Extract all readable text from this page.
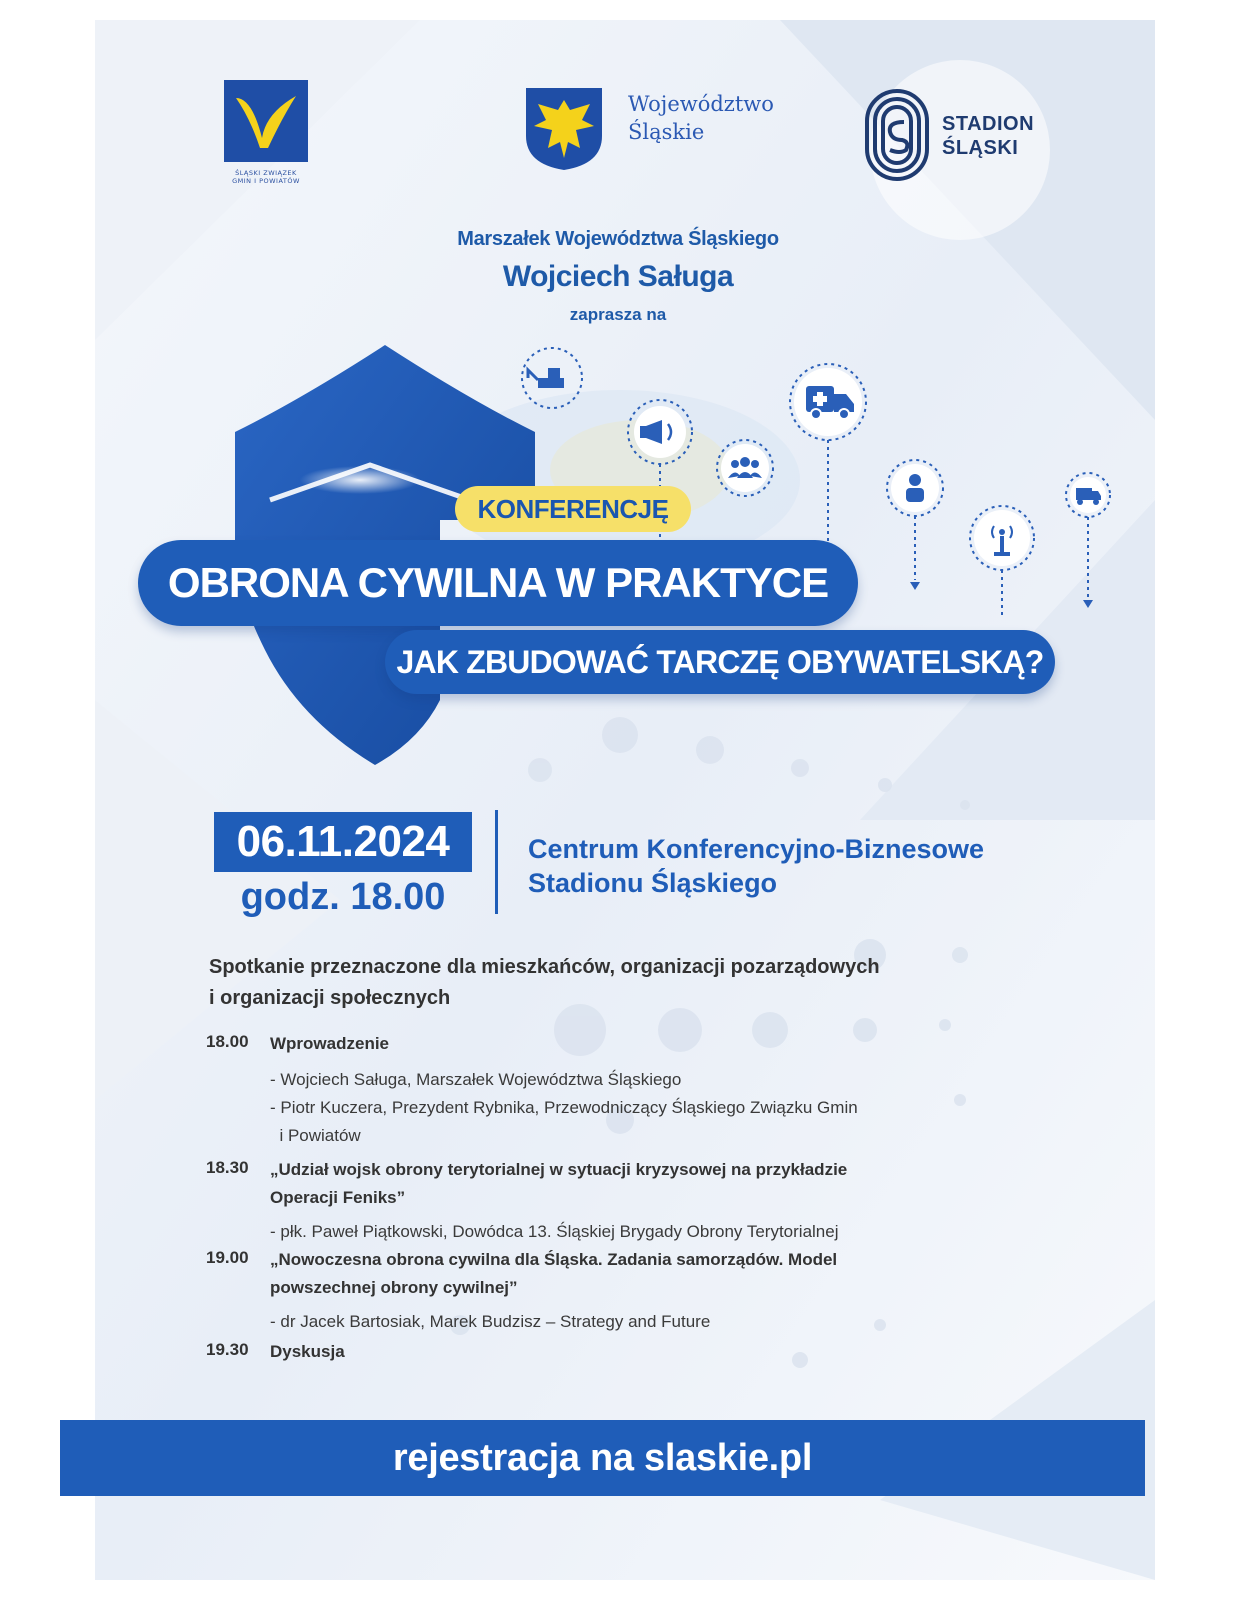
ŚLĄSKI ZWIĄZEK
GMIN I POWIATÓW
Województwo
Śląskie	STADION
ŚLĄSKI
Marszałek Województwa Śląskiego
Wojciech Saługa
zaprasza na
KONFERENCJĘ
OBRONA CYWILNA W PRAKTYCE
JAK ZBUDOWAĆ TARCZĘ OBYWATELSKĄ?
06.11.2024
godz. 18.00
Centrum Konferencyjno-Biznesowe
Stadionu Śląskiego
Spotkanie przeznaczone dla mieszkańców, organizacji pozarządowych
i organizacji społecznych
18.00	Wprowadzenie
- Wojciech Saługa, Marszałek Województwa Śląskiego
- Piotr Kuczera, Prezydent Rybnika, Przewodniczący Śląskiego Związku Gmin
i Powiatów
18.30	„Udział wojsk obrony terytorialnej w sytuacji kryzysowej na przykładzie
Operacji Feniks”
- płk. Paweł Piątkowski, Dowódca 13. Śląskiej Brygady Obrony Terytorialnej
19.00	„Nowoczesna obrona cywilna dla Śląska. Zadania samorządów. Model
powszechnej obrony cywilnej”
- dr Jacek Bartosiak, Marek Budzisz – Strategy and Future
19.30	Dyskusja
rejestracja na slaskie.pl
